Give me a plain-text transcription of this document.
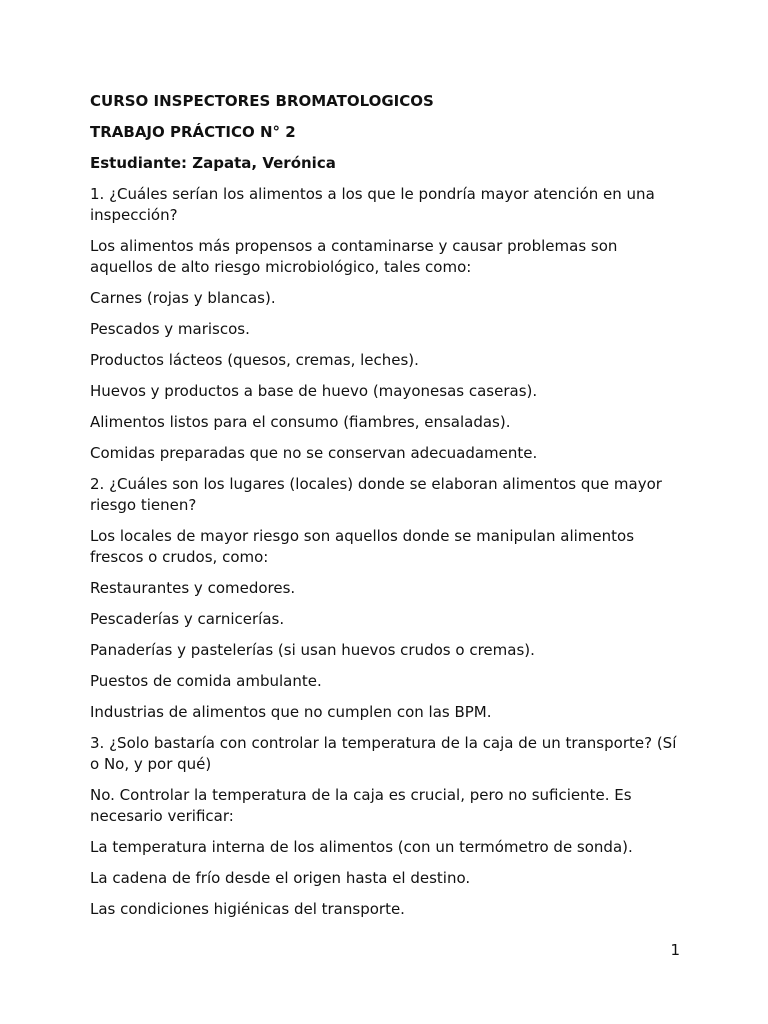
CURSO INSPECTORES BROMATOLOGICOS

TRABAJO PRÁCTICO N° 2

Estudiante: Zapata, Verónica

1. ¿Cuáles serían los alimentos a los que le pondría mayor atención en una inspección?

Los alimentos más propensos a contaminarse y causar problemas son aquellos de alto riesgo microbiológico, tales como:

Carnes (rojas y blancas).

Pescados y mariscos.

Productos lácteos (quesos, cremas, leches).

Huevos y productos a base de huevo (mayonesas caseras).

Alimentos listos para el consumo (fiambres, ensaladas).

Comidas preparadas que no se conservan adecuadamente.

2. ¿Cuáles son los lugares (locales) donde se elaboran alimentos que mayor riesgo tienen?

Los locales de mayor riesgo son aquellos donde se manipulan alimentos frescos o crudos, como:

Restaurantes y comedores.

Pescaderías y carnicerías.

Panaderías y pastelerías (si usan huevos crudos o cremas).

Puestos de comida ambulante.

Industrias de alimentos que no cumplen con las BPM.

3. ¿Solo bastaría con controlar la temperatura de la caja de un transporte? (Sí o No, y por qué)

No. Controlar la temperatura de la caja es crucial, pero no suficiente. Es necesario verificar:

La temperatura interna de los alimentos (con un termómetro de sonda).

La cadena de frío desde el origen hasta el destino.

Las condiciones higiénicas del transporte.

1
